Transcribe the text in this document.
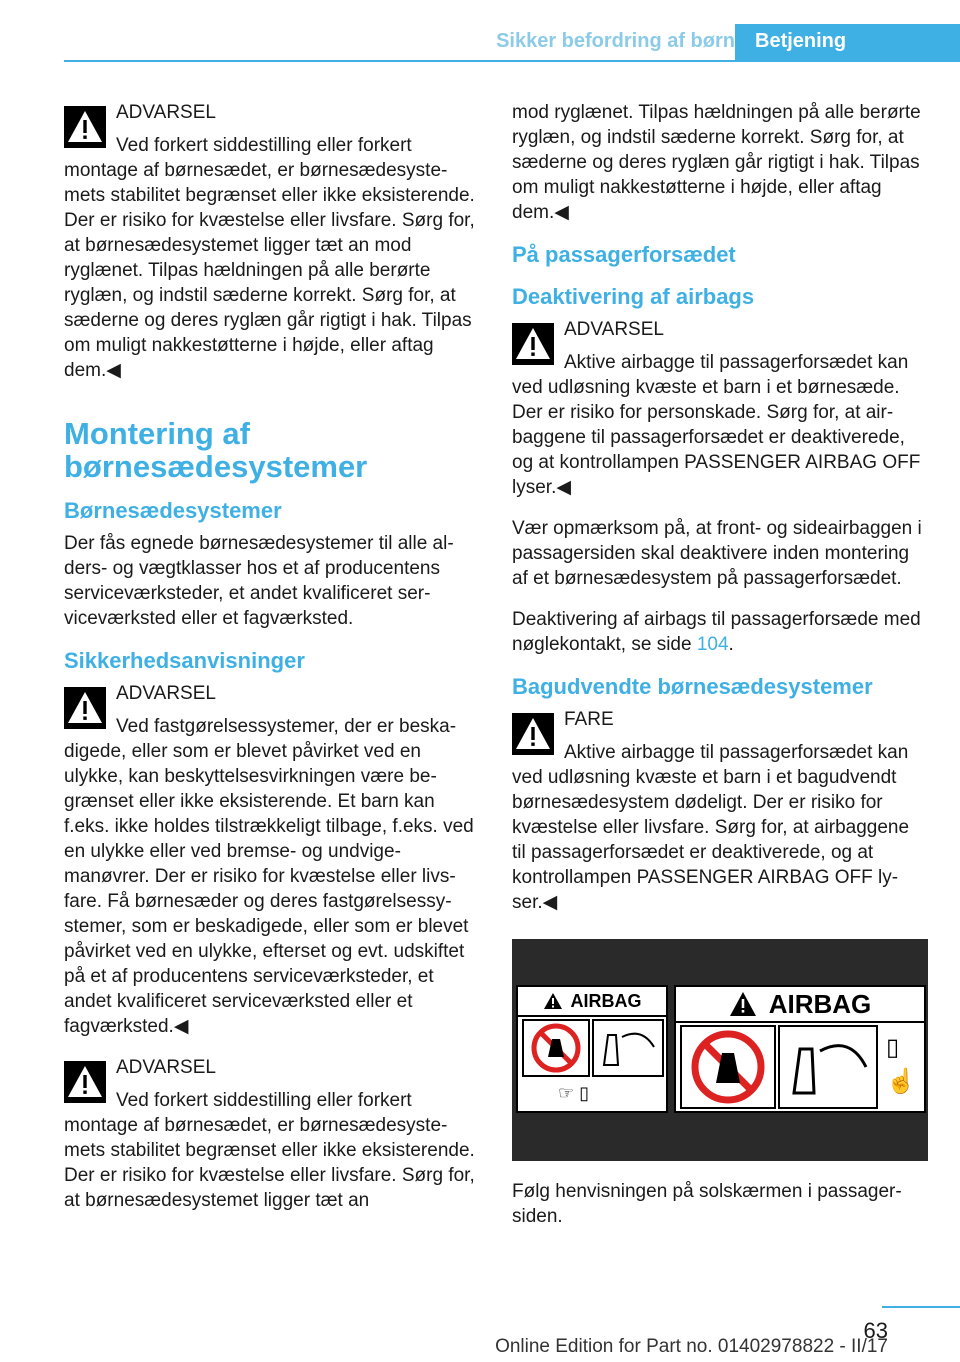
Sikker befordring af børn Betjening
ADVARSEL
Ved forkert siddestilling eller forkert montage af børnesædet, er børnesædesystemets stabilitet begrænset eller ikke eksisterende. Der er risiko for kvæstelse eller livsfare. Sørg for, at børnesædesystemet ligger tæt an mod ryglænet. Tilpas hældningen på alle berørte ryglæn, og indstil sæderne korrekt. Sørg for, at sæderne og deres ryglæn går rigtigt i hak. Tilpas om muligt nakkestøtterne i højde, eller aftag dem.◀
Montering af børnesædesystemer
Børnesædesystemer

Der fås egnede børnesædesystemer til alle alders- og vægtklasser hos et af producentens serviceværksteder, et andet kvalificeret serviceværksted eller et fagværksted.

Sikkerhedsanvisninger
ADVARSEL
Ved fastgørelsessystemer, der er beskadigede, eller som er blevet påvirket ved en ulykke, kan beskyttelsesvirkningen være begrænset eller ikke eksisterende. Et barn kan f.eks. ikke holdes tilstrækkeligt tilbage, f.eks. ved en ulykke eller ved bremse- og undvigemanøvrer. Der er risiko for kvæstelse eller livsfare. Få børnesæder og deres fastgørelsessystemer, som er beskadigede, eller som er blevet påvirket ved en ulykke, efterset og evt. udskiftet på et af producentens serviceværksteder, et andet kvalificeret serviceværksted eller et fagværksted.◀
ADVARSEL
Ved forkert siddestilling eller forkert montage af børnesædet, er børnesædesystemets stabilitet begrænset eller ikke eksisterende. Der er risiko for kvæstelse eller livsfare. Sørg for, at børnesædesystemet ligger tæt an

mod ryglænet. Tilpas hældningen på alle berørte ryglæn, og indstil sæderne korrekt. Sørg for, at sæderne og deres ryglæn går rigtigt i hak. Tilpas om muligt nakkestøtterne i højde, eller aftag dem.◀

På passagerforsædet
Deaktivering af airbags
ADVARSEL
Aktive airbagge til passagerforsædet kan ved udløsning kvæste et barn i et børnesæde. Der er risiko for personskade. Sørg for, at airbaggene til passagerforsædet er deaktiverede, og at kontrollampen PASSENGER AIRBAG OFF lyser.◀

Vær opmærksom på, at front- og sideairbaggen i passagersiden skal deaktivere inden montering af et børnesædesystem på passagerforsædet.

Deaktivering af airbags til passagerforsæde med nøglekontakt, se side 104.

Bagudvendte børnesædesystemer
FARE
Aktive airbagge til passagerforsædet kan ved udløsning kvæste et barn i et bagudvendt børnesædesystem dødeligt. Der er risiko for kvæstelse eller livsfare. Sørg for, at airbaggene til passagerforsædet er deaktiverede, og at kontrollampen PASSENGER AIRBAG OFF lyser.◀
AIRBAG
☞ ▯
AIRBAG
▯
☝

Følg henvisningen på solskærmen i passagersiden.

63
Online Edition for Part no. 01402978822 - II/17
